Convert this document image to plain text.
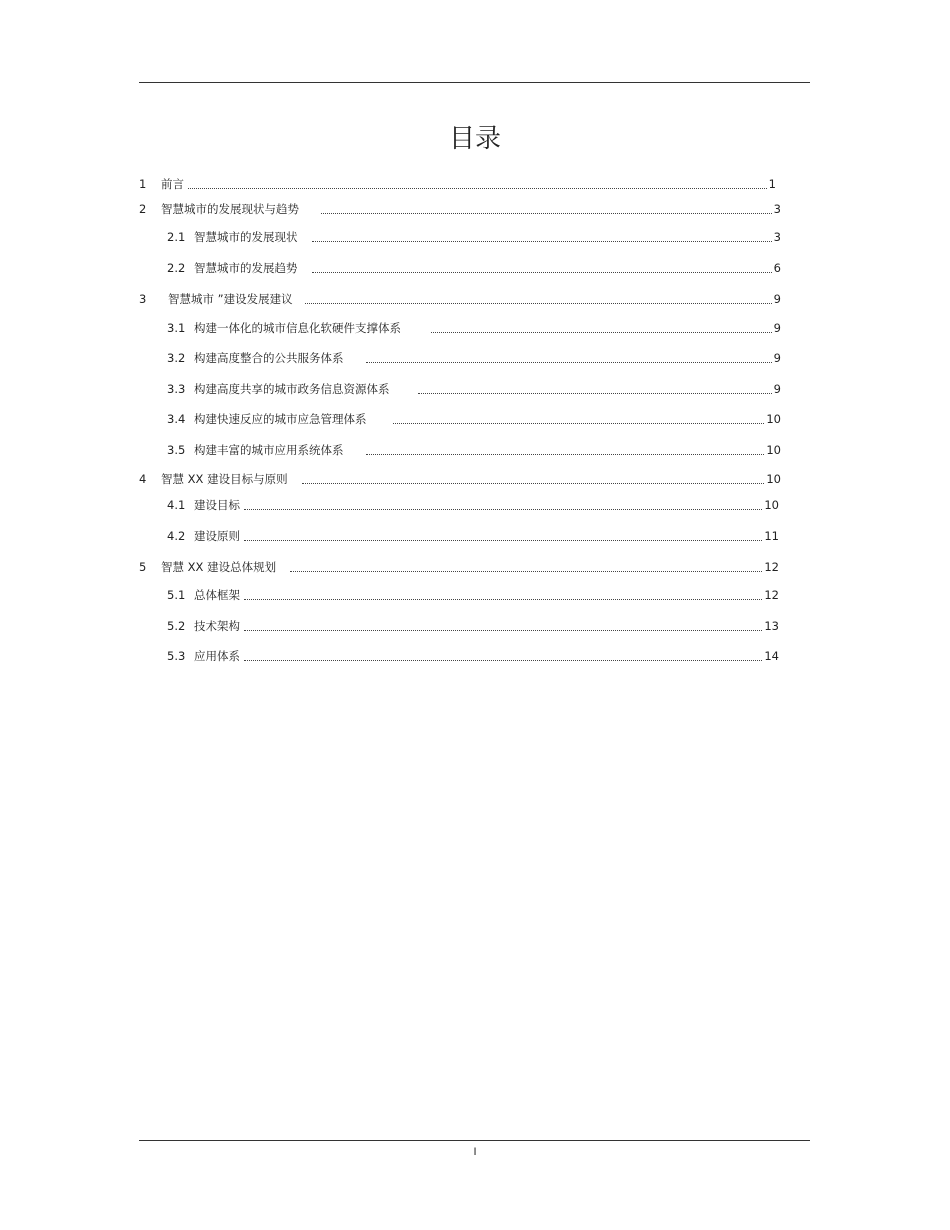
目录
1	前言	1
2	智慧城市的发展现状与趋势	3
2.1 智慧城市的发展现状	3
2.2 智慧城市的发展趋势	6
3	智慧城市 ”建设发展建议	9
3.1 构建一体化的城市信息化软硬件支撑体系	9
3.2 构建高度整合的公共服务体系	9
3.3 构建高度共享的城市政务信息资源体系	9
3.4 构建快速反应的城市应急管理体系	10
3.5 构建丰富的城市应用系统体系	10
4	智慧 XX 建设目标与原则	10
4.1 建设目标	10
4.2 建设原则	11
5	智慧 XX 建设总体规划	12
5.1 总体框架	12
5.2 技术架构	13
5.3 应用体系	14
I
